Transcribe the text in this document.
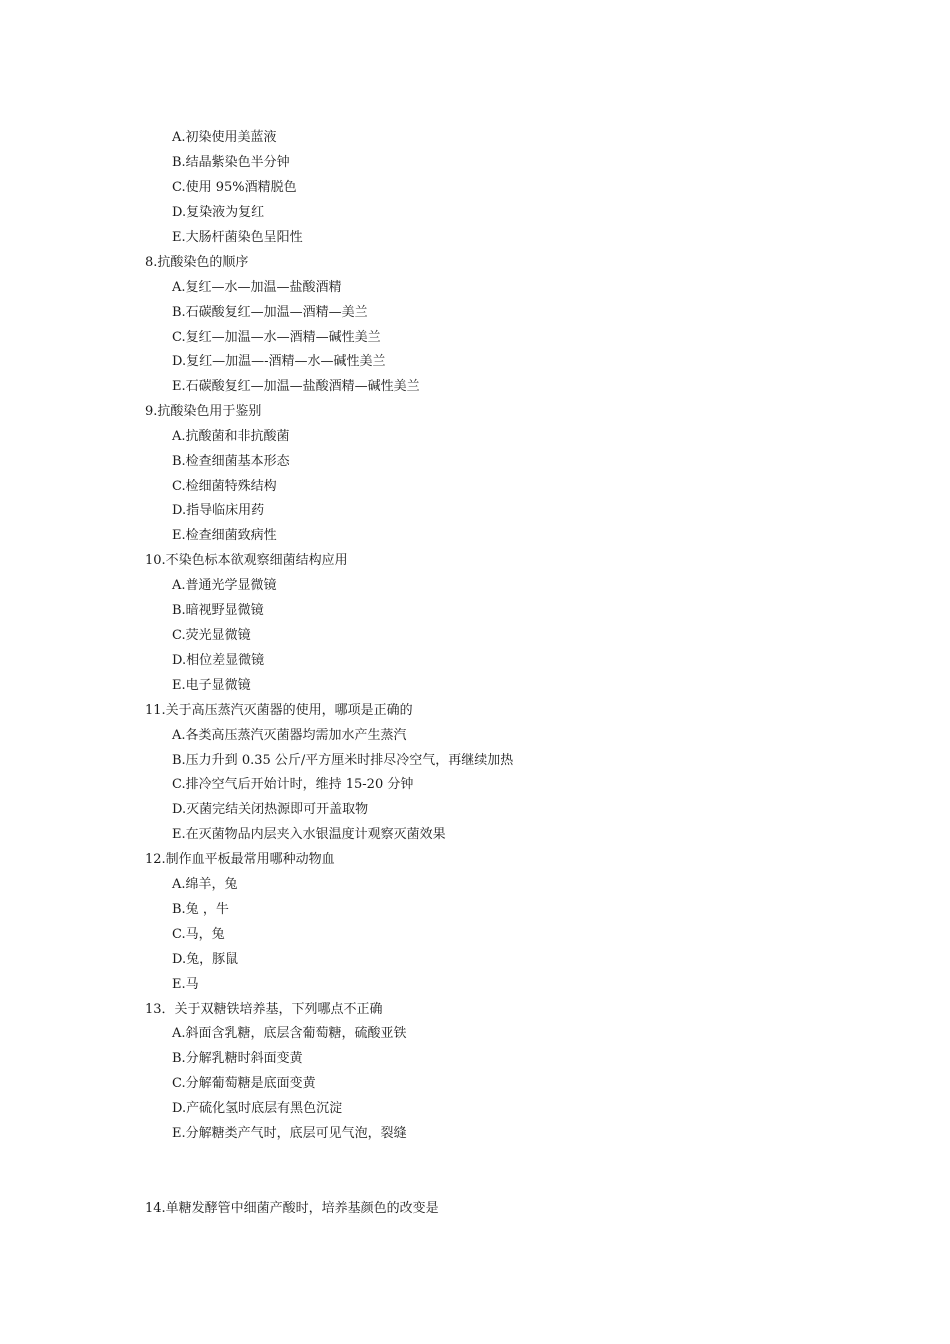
A.初染使用美蓝液
B.结晶紫染色半分钟
C.使用 95%酒精脱色
D.复染液为复红
E.大肠杆菌染色呈阳性
8.抗酸染色的顺序
A.复红—水—加温—盐酸酒精
B.石碳酸复红—加温—酒精—美兰
C.复红—加温—水—酒精—碱性美兰
D.复红—加温—-酒精—水—碱性美兰
E.石碳酸复红—加温—盐酸酒精—碱性美兰
9.抗酸染色用于鉴别
A.抗酸菌和非抗酸菌
B.检查细菌基本形态
C.检细菌特殊结构
D.指导临床用药
E.检查细菌致病性
10.不染色标本欲观察细菌结构应用
A.普通光学显微镜
B.暗视野显微镜
C.荧光显微镜
D.相位差显微镜
E.电子显微镜
11.关于高压蒸汽灭菌器的使用，哪项是正确的
A.各类高压蒸汽灭菌器均需加水产生蒸汽
B.压力升到 0.35 公斤/平方厘米时排尽冷空气，再继续加热
C.排冷空气后开始计时，维持 15-20 分钟
D.灭菌完结关闭热源即可开盖取物
E.在灭菌物品内层夹入水银温度计观察灭菌效果
12.制作血平板最常用哪种动物血
A.绵羊，兔
B.兔 ，牛
C.马，兔
D.兔，豚鼠
E.马
13．关于双糖铁培养基，下列哪点不正确
A.斜面含乳糖，底层含葡萄糖，硫酸亚铁
B.分解乳糖时斜面变黄
C.分解葡萄糖是底面变黄
D.产硫化氢时底层有黑色沉淀
E.分解糖类产气时，底层可见气泡，裂缝
14.单糖发酵管中细菌产酸时，培养基颜色的改变是
